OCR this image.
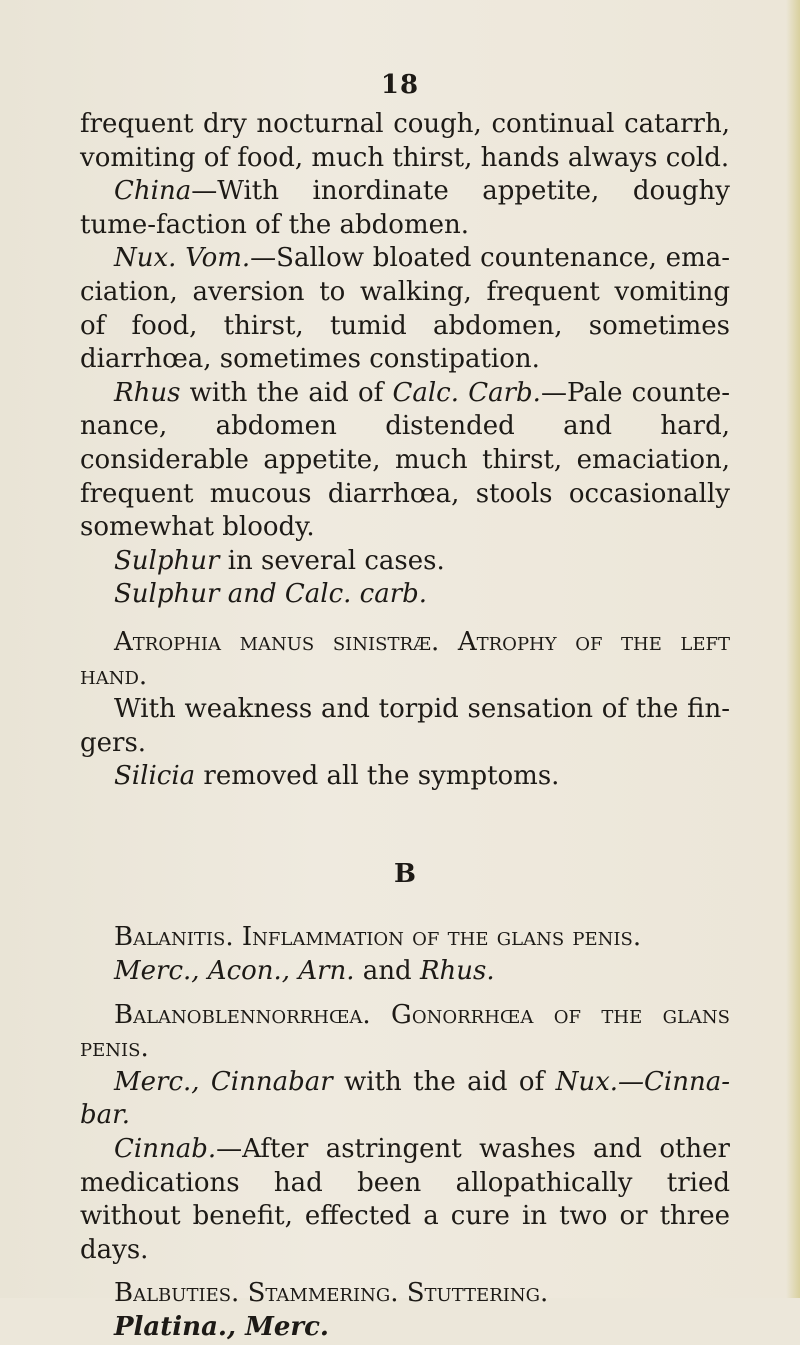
18

frequent dry nocturnal cough, continual catarrh, vomiting of food, much thirst, hands always cold.

China—With inordinate appetite, doughy tume-faction of the abdomen.

Nux. Vom.—Sallow bloated countenance, ema-ciation, aversion to walking, frequent vomiting of food, thirst, tumid abdomen, sometimes diarrhœa, sometimes constipation.

Rhus with the aid of Calc. Carb.—Pale counte-nance, abdomen distended and hard, considerable appetite, much thirst, emaciation, frequent mucous diarrhœa, stools occasionally somewhat bloody.

Sulphur in several cases.

Sulphur and Calc. carb.

Atrophia manus sinistræ. Atrophy of the left hand.

With weakness and torpid sensation of the fin-gers.

Silicia removed all the symptoms.

B

Balanitis. Inflammation of the glans penis.

Merc., Acon., Arn. and Rhus.

Balanoblennorrhœa. Gonorrhœa of the glans penis.

Merc., Cinnabar with the aid of Nux.—Cinna-bar.

Cinnab.—After astringent washes and other medications had been allopathically tried without benefit, effected a cure in two or three days.

Balbuties. Stammering. Stuttering.

Platina., Merc.
